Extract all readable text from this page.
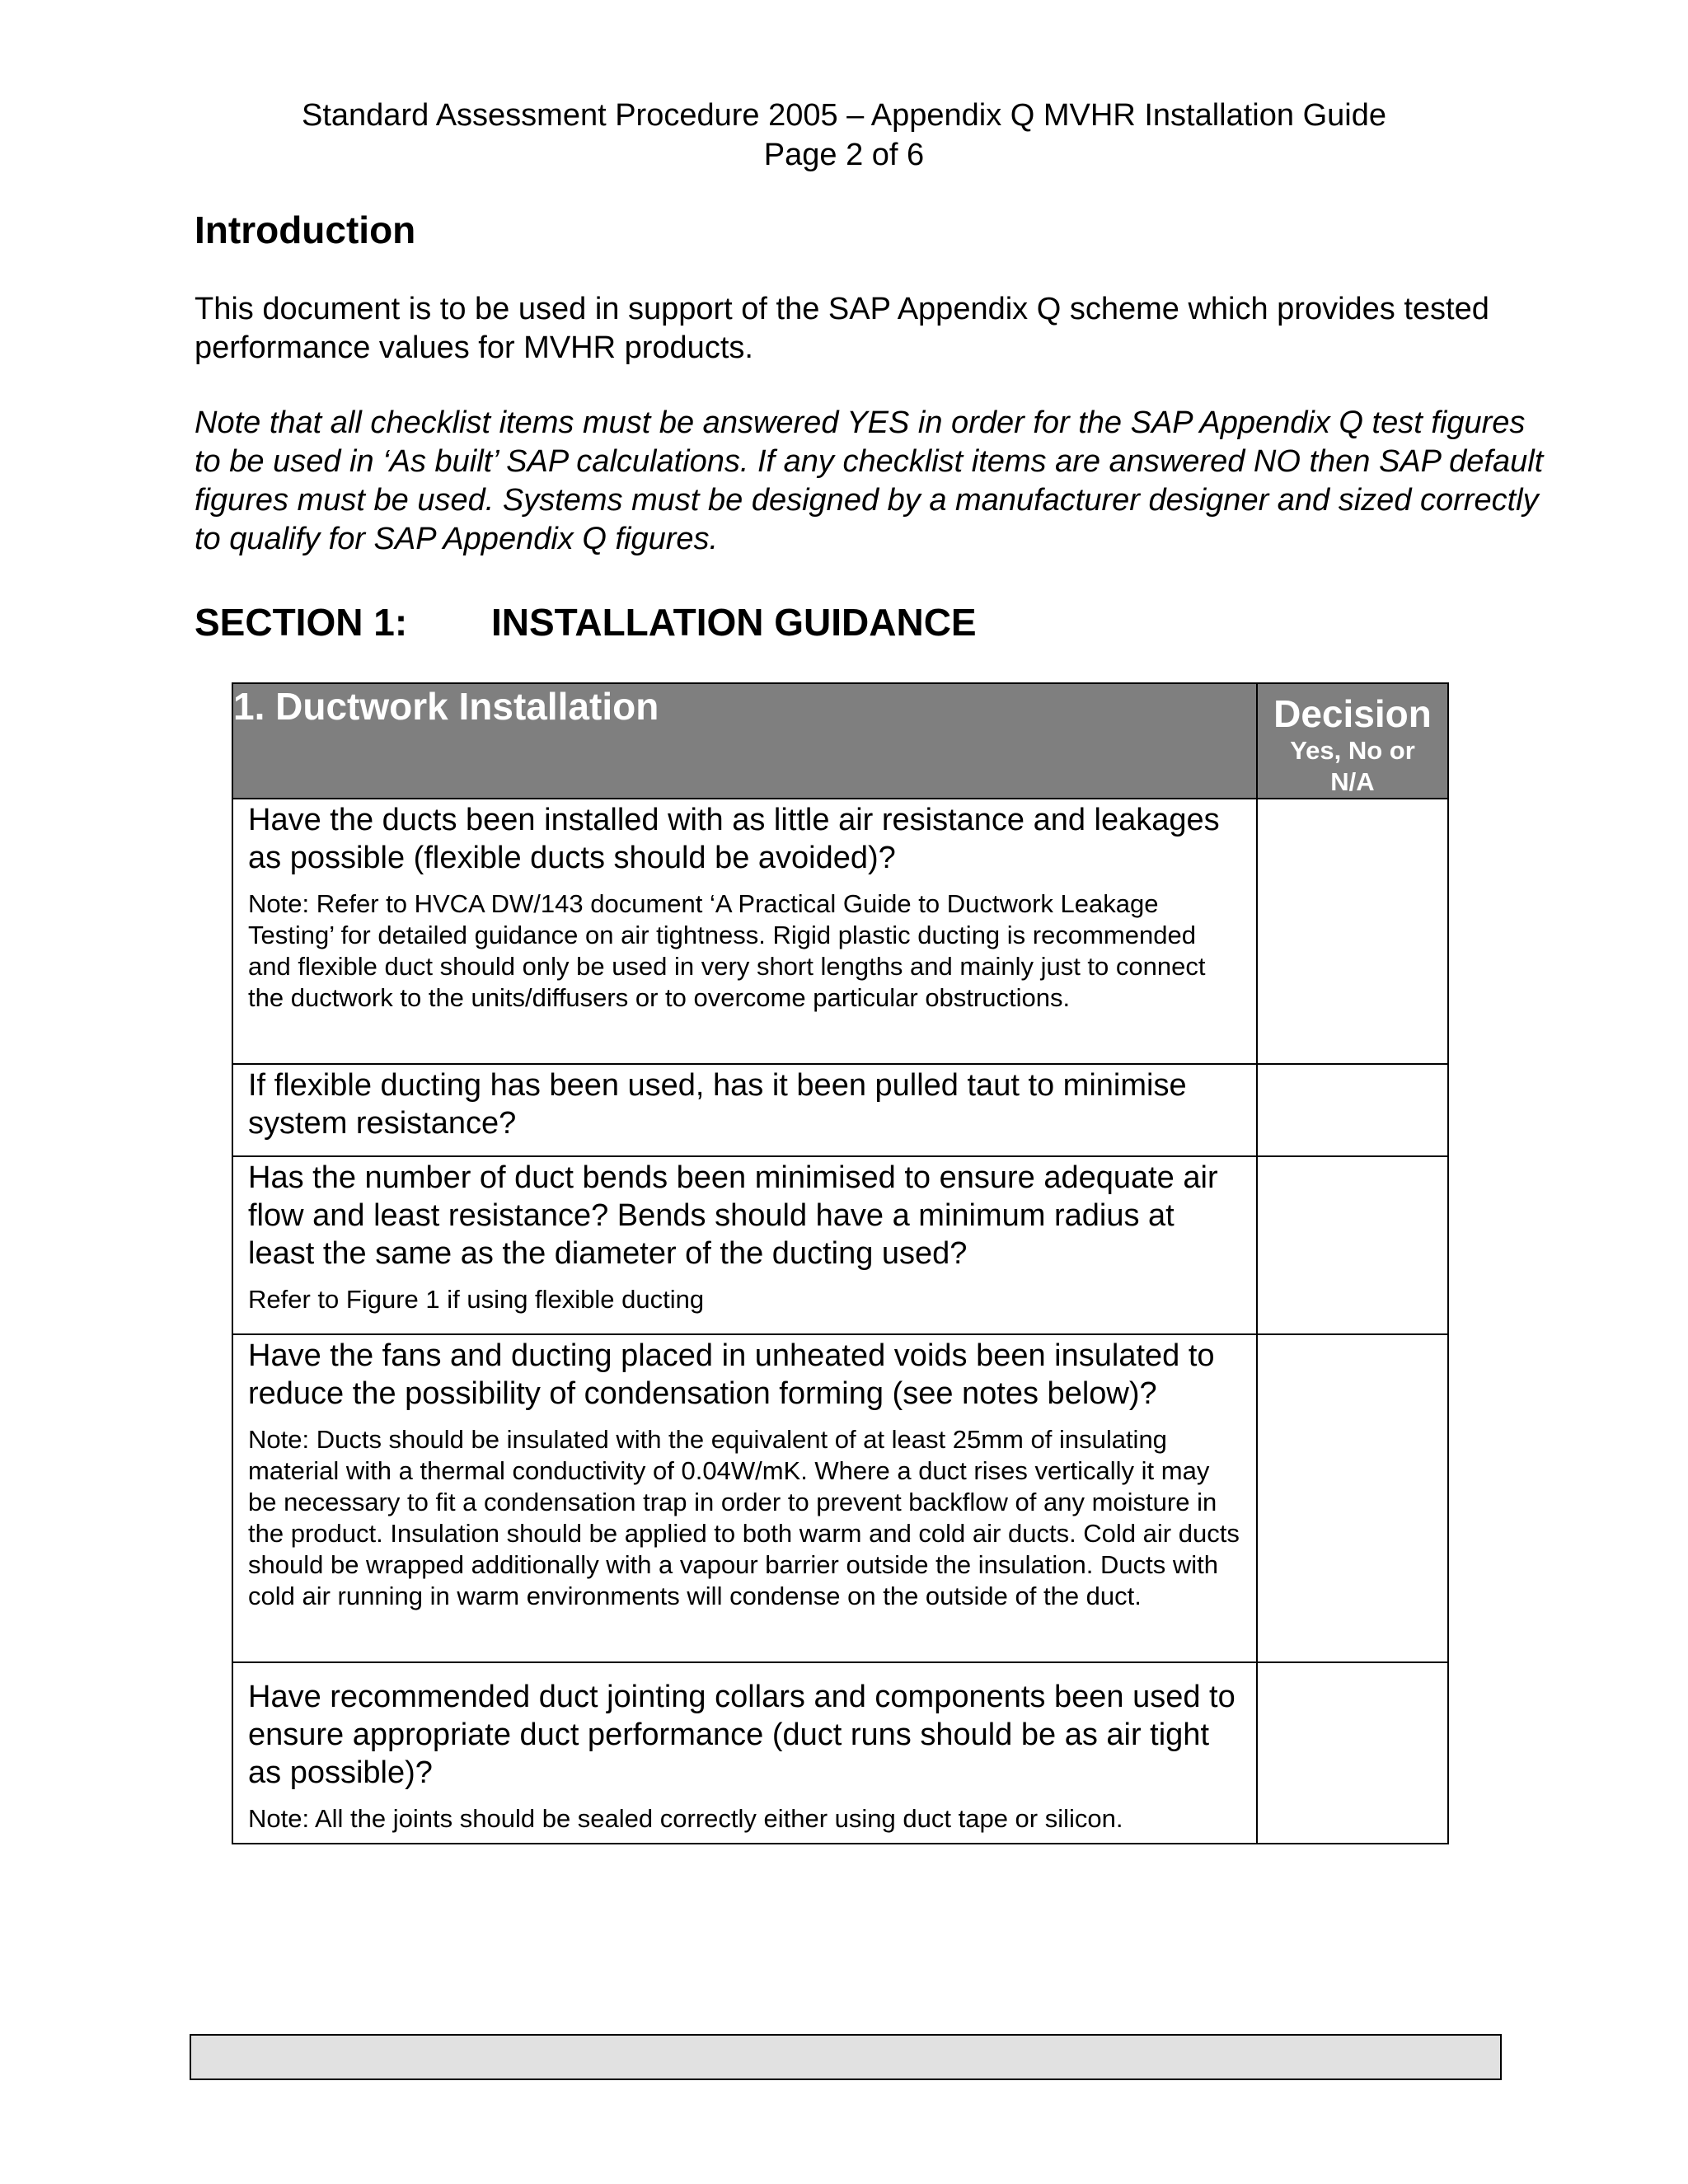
Standard Assessment Procedure 2005 – Appendix Q MVHR Installation Guide
Page 2 of 6
Introduction

This document is to be used in support of the SAP Appendix Q scheme which provides tested performance values for MVHR products.

Note that all checklist items must be answered YES in order for the SAP Appendix Q test figures to be used in ‘As built’ SAP calculations. If any checklist items are answered NO then SAP default figures must be used. Systems must be designed by a manufacturer designer and sized correctly to qualify for SAP Appendix Q figures.

SECTION 1: INSTALLATION GUIDANCE
1. Ductwork Installation	Decision
Yes, No or N/A

Have the ducts been installed with as little air resistance and leakages as possible (flexible ducts should be avoided)?

Note: Refer to HVCA DW/143 document ‘A Practical Guide to Ductwork Leakage Testing’ for detailed guidance on air tightness. Rigid plastic ducting is recommended and flexible duct should only be used in very short lengths and mainly just to connect the ductwork to the units/diffusers or to overcome particular obstructions.	

If flexible ducting has been used, has it been pulled taut to minimise system resistance?	

Has the number of duct bends been minimised to ensure adequate air flow and least resistance? Bends should have a minimum radius at least the same as the diameter of the ducting used?

Refer to Figure 1 if using flexible ducting	

Have the fans and ducting placed in unheated voids been insulated to reduce the possibility of condensation forming (see notes below)?

Note: Ducts should be insulated with the equivalent of at least 25mm of insulating material with a thermal conductivity of 0.04W/mK. Where a duct rises vertically it may be necessary to fit a condensation trap in order to prevent backflow of any moisture in the product. Insulation should be applied to both warm and cold air ducts. Cold air ducts should be wrapped additionally with a vapour barrier outside the insulation. Ducts with cold air running in warm environments will condense on the outside of the duct.	

Have recommended duct jointing collars and components been used to ensure appropriate duct performance (duct runs should be as air tight as possible)?

Note: All the joints should be sealed correctly either using duct tape or silicon.	
